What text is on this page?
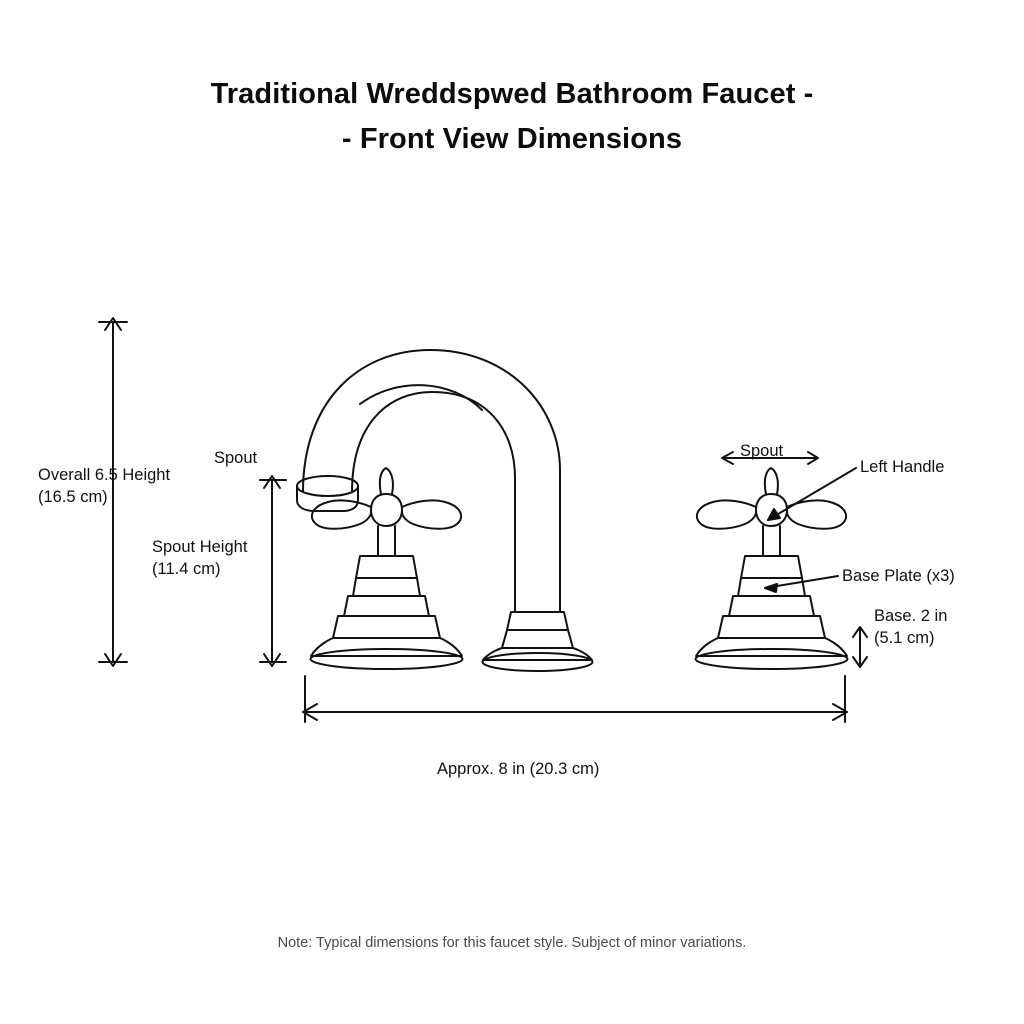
Traditional Wreddspwed Bathroom Faucet -
- Front View Dimensions
Overall 6.5 Height
(16.5 cm)
Spout Height
(11.4 cm)
Spout	Spout
Left Handle
Base Plate (x3)
Base. 2 in
(5.1 cm)
Approx. 8 in (20.3 cm)
Note: Typical dimensions for this faucet style. Subject of minor variations.
